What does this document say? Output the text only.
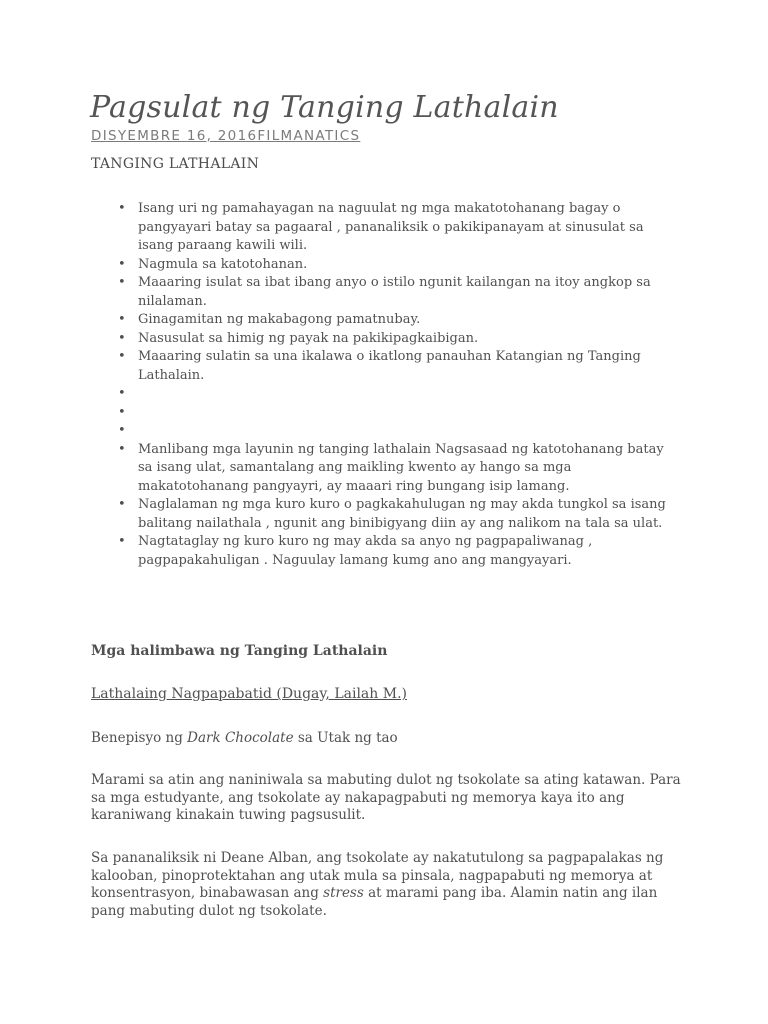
Pagsulat ng Tanging Lathalain
DISYEMBRE 16, 2016FILMANATICS
TANGING LATHALAIN
• Isang uri ng pamahayagan na naguulat ng mga makatotohanang bagay o pangyayari batay sa pagaaral , pananaliksik o pakikipanayam at sinusulat sa isang paraang kawili wili.
• Nagmula sa katotohanan.
• Maaaring isulat sa ibat ibang anyo o istilo ngunit kailangan na itoy angkop sa nilalaman.
• Ginagamitan ng makabagong pamatnubay.
• Nasusulat sa himig ng payak na pakikipagkaibigan.
• Maaaring sulatin sa una ikalawa o ikatlong panauhan Katangian ng Tanging Lathalain.
•
•
•
• Manlibang mga layunin ng tanging lathalain Nagsasaad ng katotohanang batay sa isang ulat, samantalang ang maikling kwento ay hango sa mga makatotohanang pangyayri, ay maaari ring bungang isip lamang.
• Naglalaman ng mga kuro kuro o pagkakahulugan ng may akda tungkol sa isang balitang nailathala , ngunit ang binibigyang diin ay ang nalikom na tala sa ulat.
• Nagtataglay ng kuro kuro ng may akda sa anyo ng pagpapaliwanag , pagpapakahuligan . Naguulay lamang kumg ano ang mangyayari.
Mga halimbawa ng Tanging Lathalain
Lathalaing Nagpapabatid (Dugay, Lailah M.)

Benepisyo ng Dark Chocolate sa Utak ng tao

Marami sa atin ang naniniwala sa mabuting dulot ng tsokolate sa ating katawan. Para sa mga estudyante, ang tsokolate ay nakapagpabuti ng memorya kaya ito ang karaniwang kinakain tuwing pagsusulit.

Sa pananaliksik ni Deane Alban, ang tsokolate ay nakatutulong sa pagpapalakas ng kalooban, pinoprotektahan ang utak mula sa pinsala, nagpapabuti ng memorya at konsentrasyon, binabawasan ang stress at marami pang iba. Alamin natin ang ilan pang mabuting dulot ng tsokolate.
